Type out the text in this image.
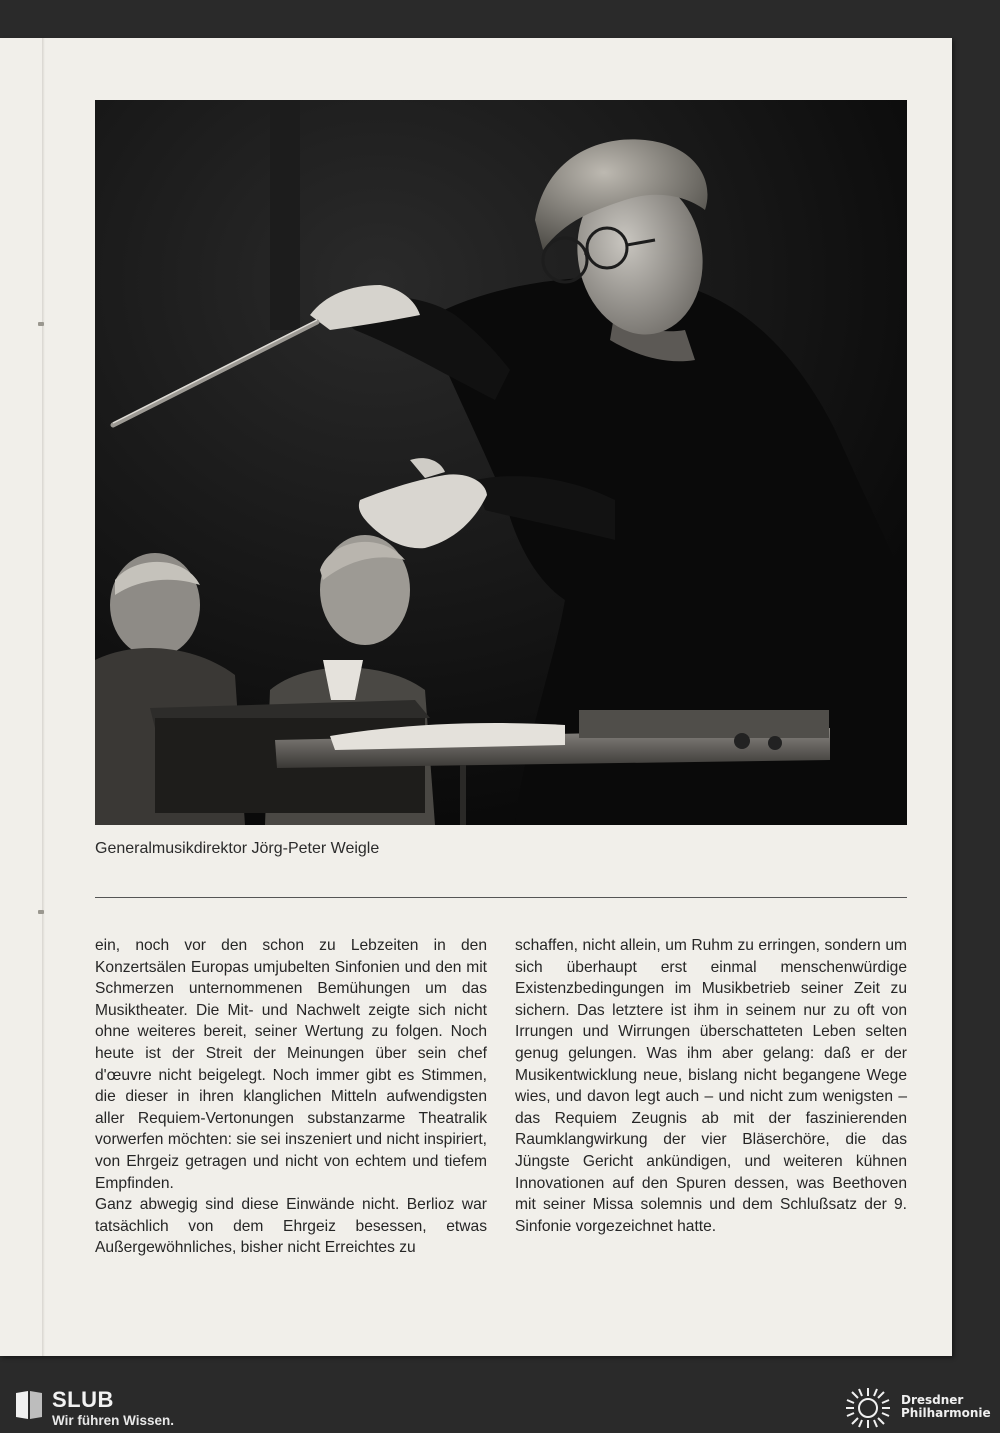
Generalmusikdirektor Jörg-Peter Weigle

ein, noch vor den schon zu Lebzeiten in den Konzertsälen Europas umjubelten Sinfonien und den mit Schmerzen unternommenen Bemühungen um das Musiktheater. Die Mit- und Nachwelt zeigte sich nicht ohne weiteres bereit, seiner Wertung zu folgen. Noch heute ist der Streit der Meinungen über sein chef d'œuvre nicht beigelegt. Noch immer gibt es Stimmen, die dieser in ihren klanglichen Mitteln aufwendigsten aller Requiem-Vertonungen substanzarme Theatralik vorwerfen möchten: sie sei inszeniert und nicht inspiriert, von Ehrgeiz getragen und nicht von echtem und tiefem Empfinden.

Ganz abwegig sind diese Einwände nicht. Berlioz war tatsächlich von dem Ehrgeiz besessen, etwas Außergewöhnliches, bisher nicht Erreichtes zu

schaffen, nicht allein, um Ruhm zu erringen, sondern um sich überhaupt erst einmal menschenwürdige Existenzbedingungen im Musikbetrieb seiner Zeit zu sichern. Das letztere ist ihm in seinem nur zu oft von Irrungen und Wirrungen überschatteten Leben selten genug gelungen. Was ihm aber gelang: daß er der Musikentwicklung neue, bislang nicht begangene Wege wies, und davon legt auch – und nicht zum wenigsten – das Requiem Zeugnis ab mit der faszinierenden Raumklangwirkung der vier Bläserchöre, die das Jüngste Gericht ankündigen, und weiteren kühnen Innovationen auf den Spuren dessen, was Beethoven mit seiner Missa solemnis und dem Schlußsatz der 9. Sinfonie vorgezeichnet hatte.

SLUB
Wir führen Wissen.
Dresdner
Philharmonie
